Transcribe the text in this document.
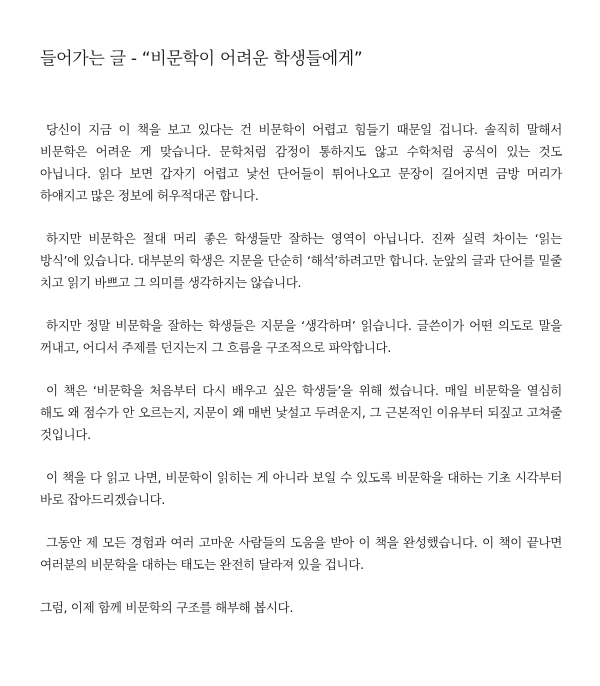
들어가는 글 - “비문학이 어려운 학생들에게”

당신이 지금 이 책을 보고 있다는 건 비문학이 어렵고 힘들기 때문일 겁니다. 솔직히 말해서 비문학은 어려운 게 맞습니다. 문학처럼 감정이 통하지도 않고 수학처럼 공식이 있는 것도 아닙니다. 읽다 보면 갑자기 어렵고 낯선 단어들이 튀어나오고 문장이 길어지면 금방 머리가 하얘지고 많은 정보에 허우적대곤 합니다.

하지만 비문학은 절대 머리 좋은 학생들만 잘하는 영역이 아닙니다. 진짜 실력 차이는 ‘읽는 방식’에 있습니다. 대부분의 학생은 지문을 단순히 ‘해석’하려고만 합니다. 눈앞의 글과 단어를 밑줄 치고 읽기 바쁘고 그 의미를 생각하지는 않습니다.

하지만 정말 비문학을 잘하는 학생들은 지문을 ‘생각하며’ 읽습니다. 글쓴이가 어떤 의도로 말을 꺼내고, 어디서 주제를 던지는지 그 흐름을 구조적으로 파악합니다.

이 책은 ‘비문학을 처음부터 다시 배우고 싶은 학생들’을 위해 썼습니다. 매일 비문학을 열심히 해도 왜 점수가 안 오르는지, 지문이 왜 매번 낯설고 두려운지, 그 근본적인 이유부터 되짚고 고쳐줄 것입니다.

이 책을 다 읽고 나면, 비문학이 읽히는 게 아니라 보일 수 있도록 비문학을 대하는 기초 시각부터 바로 잡아드리겠습니다.

그동안 제 모든 경험과 여러 고마운 사람들의 도움을 받아 이 책을 완성했습니다. 이 책이 끝나면 여러분의 비문학을 대하는 태도는 완전히 달라져 있을 겁니다.

그럼, 이제 함께 비문학의 구조를 해부해 봅시다.
